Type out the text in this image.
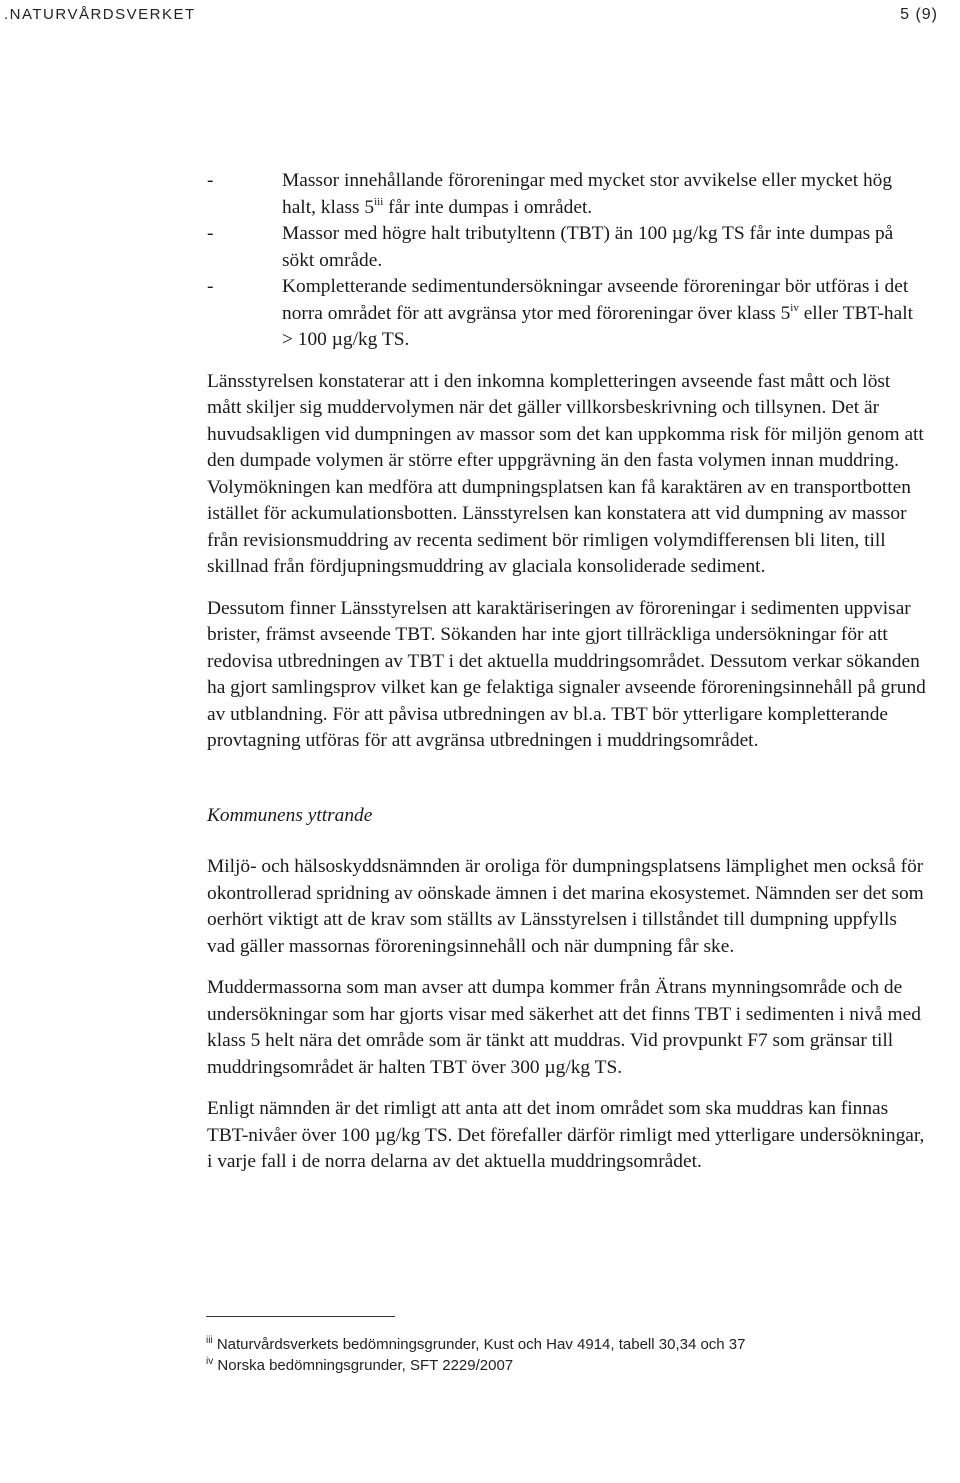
.NATURVÅRDSVERKET	5 (9)
-	Massor innehållande föroreningar med mycket stor avvikelse eller mycket hög halt, klass 5$^{iii}$ får inte dumpas i området.
-	Massor med högre halt tributyltenn (TBT) än 100 µg/kg TS får inte dumpas på sökt område.
-	Kompletterande sedimentundersökningar avseende föroreningar bör utföras i det norra området för att avgränsa ytor med föroreningar över klass 5$^{iv}$ eller TBT-halt > 100 µg/kg TS.

Länsstyrelsen konstaterar att i den inkomna kompletteringen avseende fast mått och löst mått skiljer sig muddervolymen när det gäller villkorsbeskrivning och tillsynen. Det är huvudsakligen vid dumpningen av massor som det kan uppkomma risk för miljön genom att den dumpade volymen är större efter uppgrävning än den fasta volymen innan muddring. Volymökningen kan medföra att dumpningsplatsen kan få karaktären av en transportbotten istället för ackumulationsbotten. Länsstyrelsen kan konstatera att vid dumpning av massor från revisionsmuddring av recenta sediment bör rimligen volymdifferensen bli liten, till skillnad från fördjupningsmuddring av glaciala konsoliderade sediment.

Dessutom finner Länsstyrelsen att karaktäriseringen av föroreningar i sedimenten uppvisar brister, främst avseende TBT. Sökanden har inte gjort tillräckliga undersökningar för att redovisa utbredningen av TBT i det aktuella muddringsområdet. Dessutom verkar sökanden ha gjort samlingsprov vilket kan ge felaktiga signaler avseende föroreningsinnehåll på grund av utblandning. För att påvisa utbredningen av bl.a. TBT bör ytterligare kompletterande provtagning utföras för att avgränsa utbredningen i muddringsområdet.

Kommunens yttrande

Miljö- och hälsoskyddsnämnden är oroliga för dumpningsplatsens lämplighet men också för okontrollerad spridning av oönskade ämnen i det marina ekosystemet. Nämnden ser det som oerhört viktigt att de krav som ställts av Länsstyrelsen i tillståndet till dumpning uppfylls vad gäller massornas föroreningsinnehåll och när dumpning får ske.

Muddermassorna som man avser att dumpa kommer från Ätrans mynningsområde och de undersökningar som har gjorts visar med säkerhet att det finns TBT i sedimenten i nivå med klass 5 helt nära det område som är tänkt att muddras. Vid provpunkt F7 som gränsar till muddringsområdet är halten TBT över 300 µg/kg TS.

Enligt nämnden är det rimligt att anta att det inom området som ska muddras kan finnas TBT-nivåer över 100 µg/kg TS. Det förefaller därför rimligt med ytterligare undersökningar, i varje fall i de norra delarna av det aktuella muddringsområdet.

$^{iii}$ Naturvårdsverkets bedömningsgrunder, Kust och Hav 4914, tabell 30,34 och 37
$^{iv}$ Norska bedömningsgrunder, SFT 2229/2007
